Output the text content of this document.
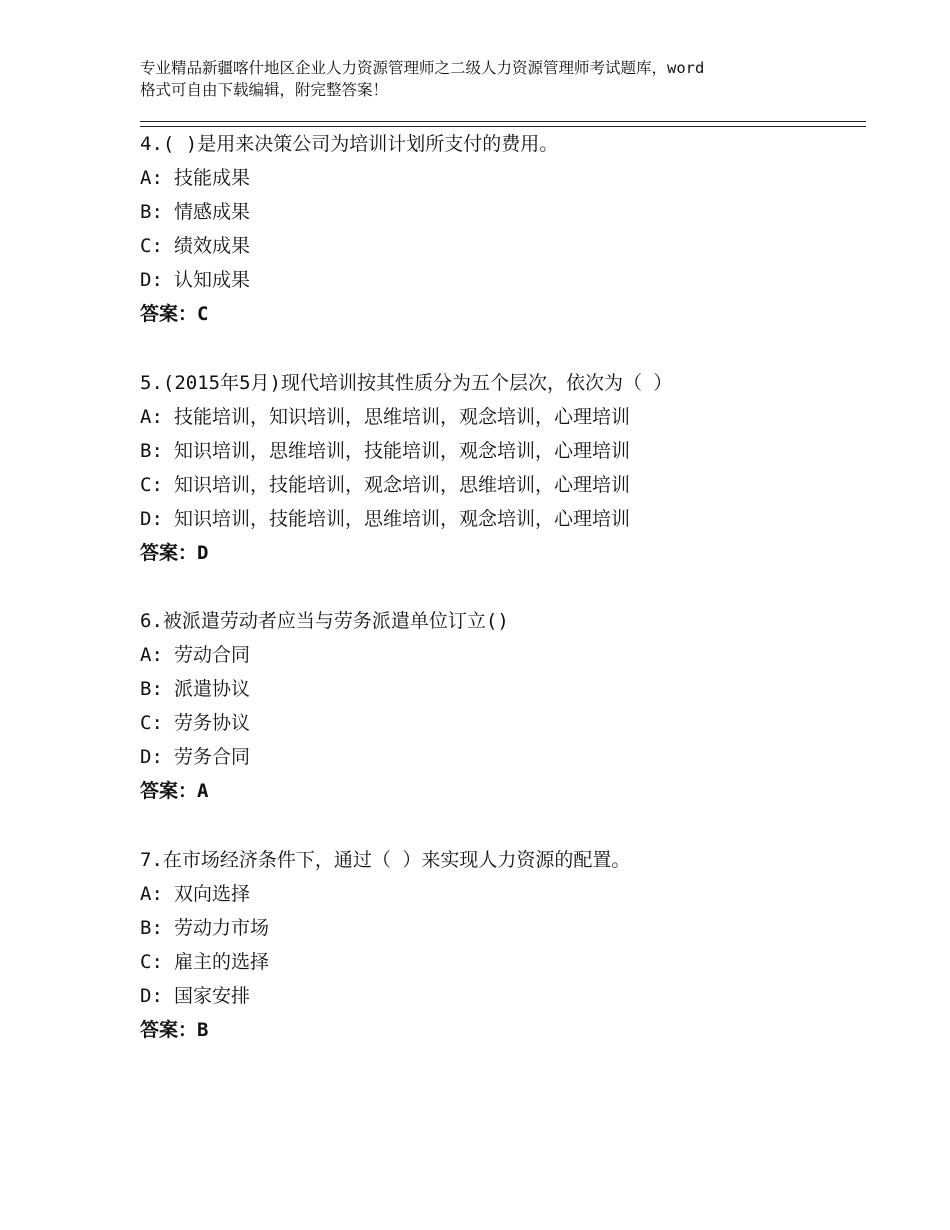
专业精品新疆喀什地区企业人力资源管理师之二级人力资源管理师考试题库，word
格式可自由下载编辑，附完整答案！
4.( )是用来决策公司为培训计划所支付的费用。
A: 技能成果
B: 情感成果
C: 绩效成果
D: 认知成果
答案：C
5.(2015年5月)现代培训按其性质分为五个层次，依次为（ ）
A: 技能培训，知识培训，思维培训，观念培训，心理培训
B: 知识培训，思维培训，技能培训，观念培训，心理培训
C: 知识培训，技能培训，观念培训，思维培训，心理培训
D: 知识培训，技能培训，思维培训，观念培训，心理培训
答案：D
6.被派遣劳动者应当与劳务派遣单位订立()
A: 劳动合同
B: 派遣协议
C: 劳务协议
D: 劳务合同
答案：A
7.在市场经济条件下，通过（ ）来实现人力资源的配置。
A: 双向选择
B: 劳动力市场
C: 雇主的选择
D: 国家安排
答案：B
